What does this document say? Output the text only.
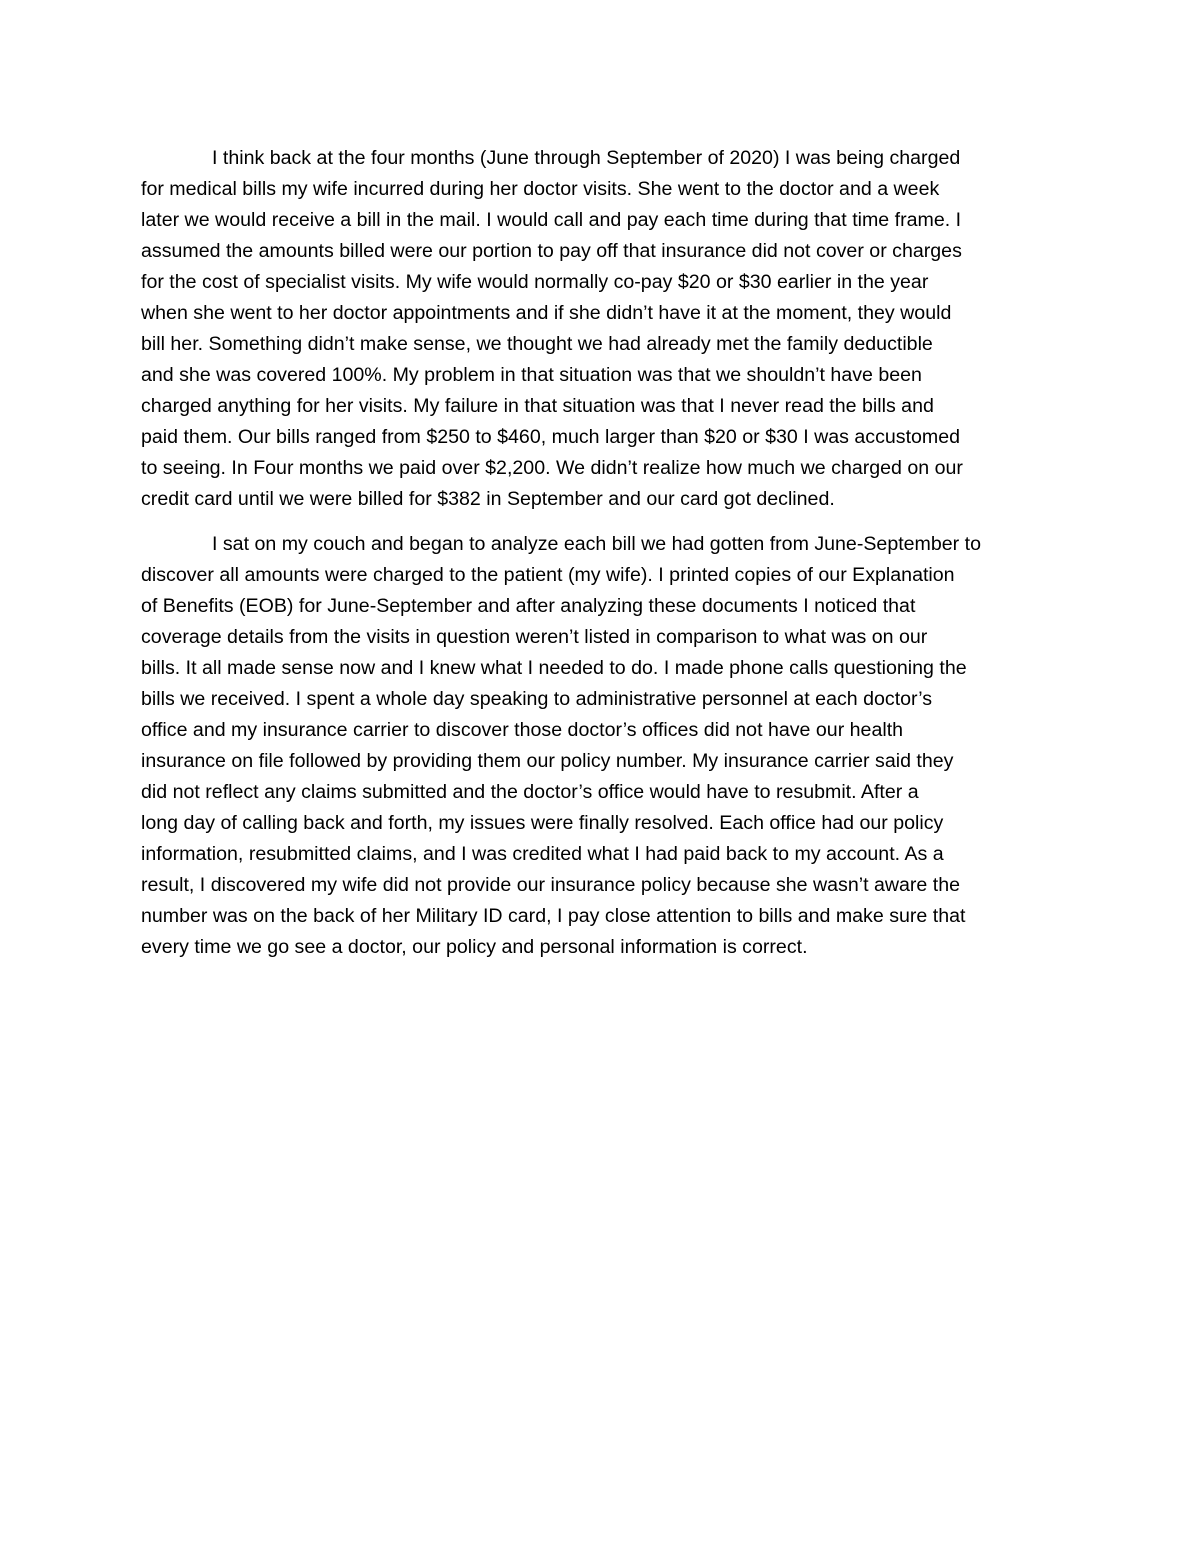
I think back at the four months (June through September of 2020) I was being charged
for medical bills my wife incurred during her doctor visits. She went to the doctor and a week
later we would receive a bill in the mail. I would call and pay each time during that time frame. I
assumed the amounts billed were our portion to pay off that insurance did not cover or charges
for the cost of specialist visits. My wife would normally co-pay $20 or $30 earlier in the year
when she went to her doctor appointments and if she didn’t have it at the moment, they would
bill her. Something didn’t make sense, we thought we had already met the family deductible
and she was covered 100%. My problem in that situation was that we shouldn’t have been
charged anything for her visits. My failure in that situation was that I never read the bills and
paid them. Our bills ranged from $250 to $460, much larger than $20 or $30 I was accustomed
to seeing. In Four months we paid over $2,200. We didn’t realize how much we charged on our
credit card until we were billed for $382 in September and our card got declined.

I sat on my couch and began to analyze each bill we had gotten from June-September to
discover all amounts were charged to the patient (my wife). I printed copies of our Explanation
of Benefits (EOB) for June-September and after analyzing these documents I noticed that
coverage details from the visits in question weren’t listed in comparison to what was on our
bills. It all made sense now and I knew what I needed to do. I made phone calls questioning the
bills we received. I spent a whole day speaking to administrative personnel at each doctor’s
office and my insurance carrier to discover those doctor’s offices did not have our health
insurance on file followed by providing them our policy number. My insurance carrier said they
did not reflect any claims submitted and the doctor’s office would have to resubmit. After a
long day of calling back and forth, my issues were finally resolved. Each office had our policy
information, resubmitted claims, and I was credited what I had paid back to my account. As a
result, I discovered my wife did not provide our insurance policy because she wasn’t aware the
number was on the back of her Military ID card, I pay close attention to bills and make sure that
every time we go see a doctor, our policy and personal information is correct.
